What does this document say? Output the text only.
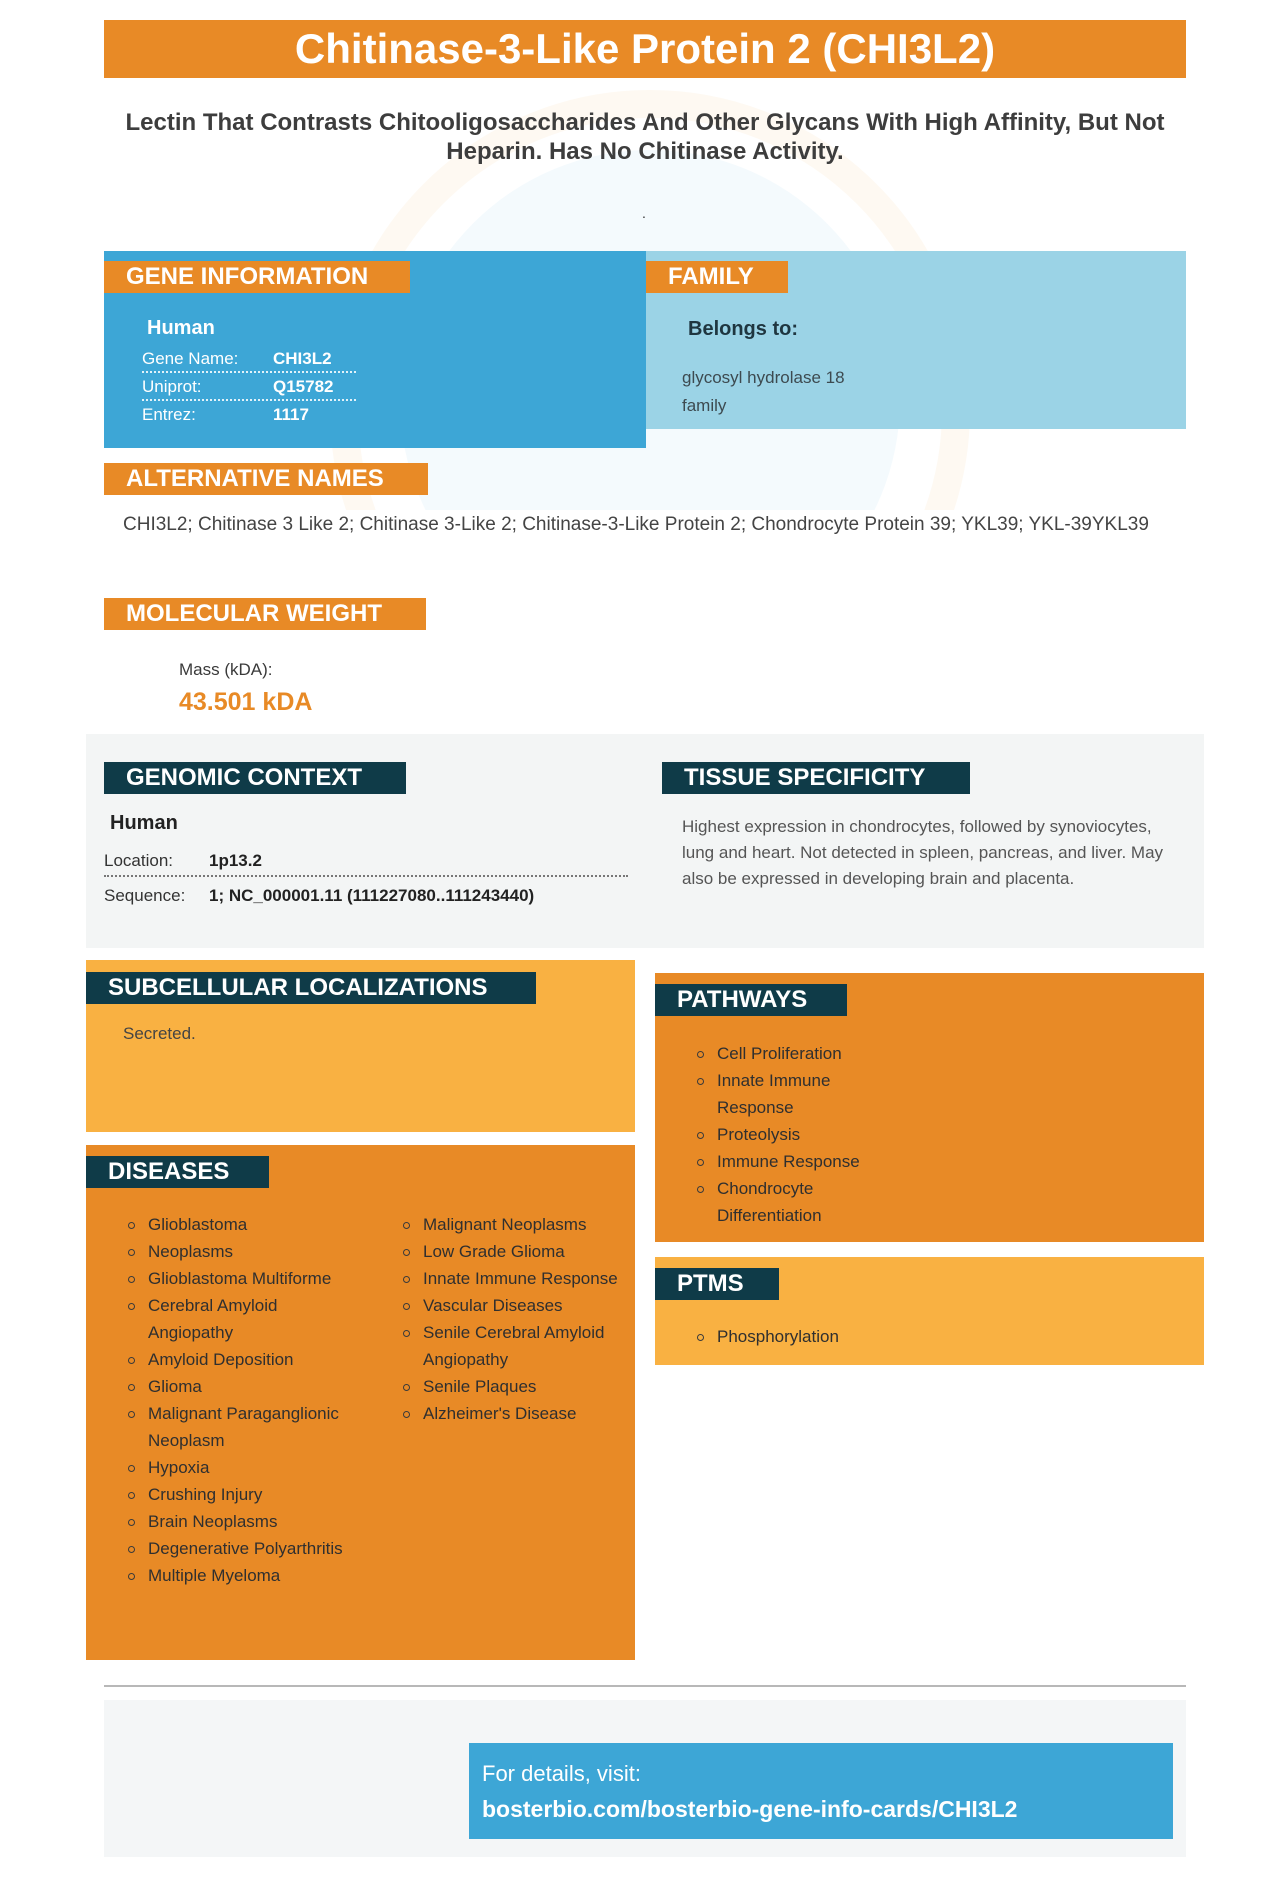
Chitinase-3-Like Protein 2 (CHI3L2)
Lectin That Contrasts Chitooligosaccharides And Other Glycans With High Affinity, But Not Heparin. Has No Chitinase Activity.
.
GENE INFORMATION
Human
Gene Name: CHI3L2
Uniprot:	Q15782
Entrez:	1117
FAMILY
Belongs to:
glycosyl hydrolase 18 family
ALTERNATIVE NAMES
CHI3L2; Chitinase 3 Like 2; Chitinase 3-Like 2; Chitinase-3-Like Protein 2; Chondrocyte Protein 39; YKL39; YKL-39YKL39
MOLECULAR WEIGHT
Mass (kDA):
43.501 kDA
GENOMIC CONTEXT
Human
Location: 1p13.2
Sequence: 1; NC_000001.11 (111227080..111243440)
TISSUE SPECIFICITY
Highest expression in chondrocytes, followed by synoviocytes, lung and heart. Not detected in spleen, pancreas, and liver. May also be expressed in developing brain and placenta.
SUBCELLULAR LOCALIZATIONS
Secreted.
DISEASES
Glioblastoma
Neoplasms
Glioblastoma Multiforme
Cerebral Amyloid Angiopathy
Amyloid Deposition
Glioma
Malignant Paraganglionic Neoplasm
Hypoxia
Crushing Injury
Brain Neoplasms
Degenerative Polyarthritis
Multiple Myeloma
Malignant Neoplasms
Low Grade Glioma
Innate Immune Response
Vascular Diseases
Senile Cerebral Amyloid Angiopathy
Senile Plaques
Alzheimer's Disease
PATHWAYS
Cell Proliferation
Innate Immune Response
Proteolysis
Immune Response
Chondrocyte Differentiation
PTMS
Phosphorylation
For details, visit:
bosterbio.com/bosterbio-gene-info-cards/CHI3L2
